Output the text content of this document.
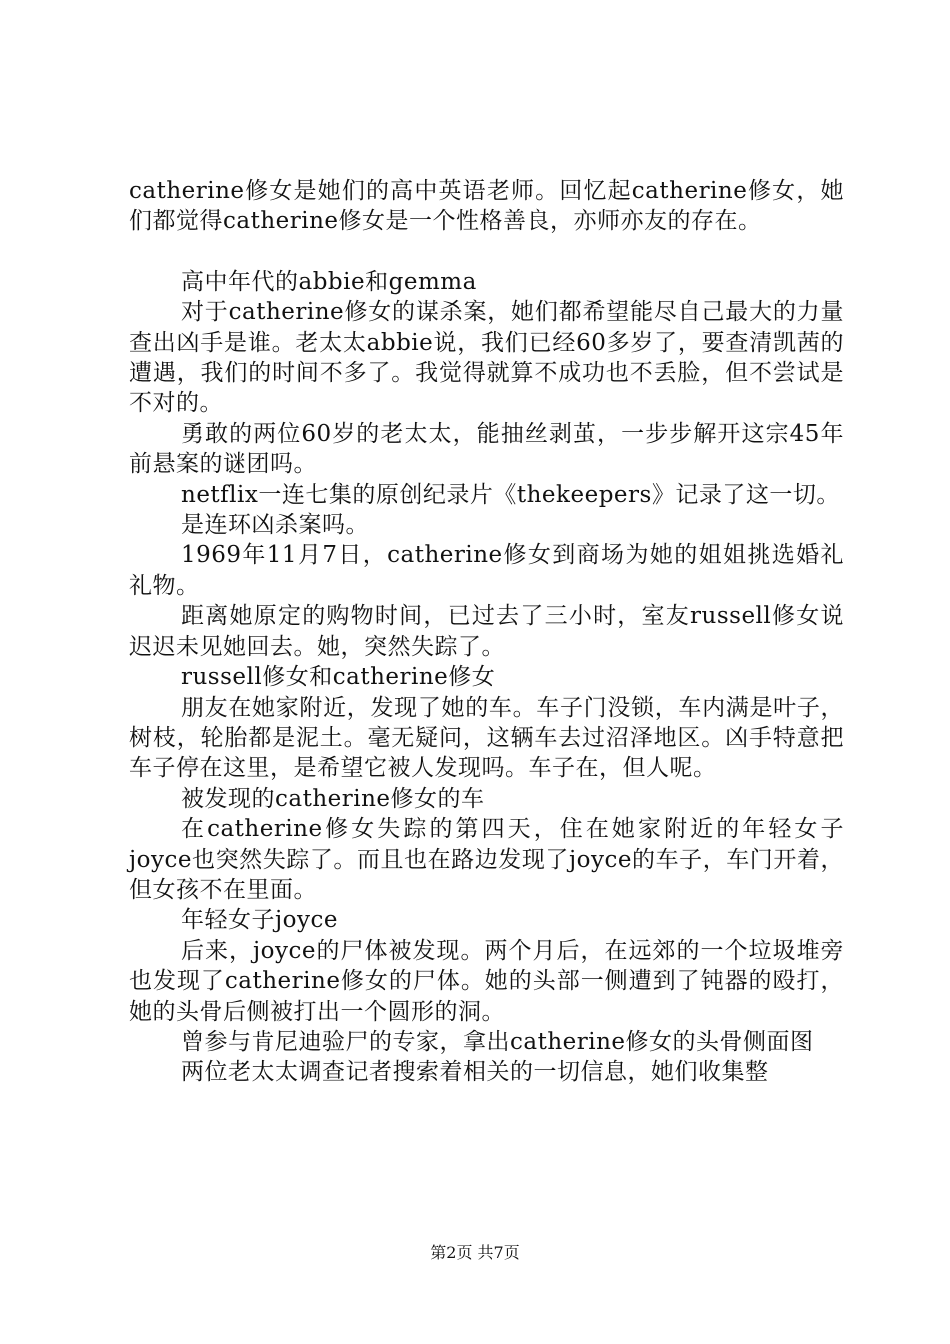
catherine修女是她们的高中英语老师。回忆起catherine修女，她们都觉得catherine修女是一个性格善良，亦师亦友的存在。

高中年代的abbie和gemma

对于catherine修女的谋杀案，她们都希望能尽自己最大的力量查出凶手是谁。老太太abbie说，我们已经60多岁了，要查清凯茜的遭遇，我们的时间不多了。我觉得就算不成功也不丢脸，但不尝试是不对的。

勇敢的两位60岁的老太太，能抽丝剥茧，一步步解开这宗45年前悬案的谜团吗。

netflix一连七集的原创纪录片《thekeepers》记录了这一切。

是连环凶杀案吗。

1969年11月7日，catherine修女到商场为她的姐姐挑选婚礼礼物。

距离她原定的购物时间，已过去了三小时，室友russell修女说迟迟未见她回去。她，突然失踪了。

russell修女和catherine修女

朋友在她家附近，发现了她的车。车子门没锁，车内满是叶子，树枝，轮胎都是泥土。毫无疑问，这辆车去过沼泽地区。凶手特意把车子停在这里，是希望它被人发现吗。车子在，但人呢。

被发现的catherine修女的车

在catherine修女失踪的第四天，住在她家附近的年轻女子joyce也突然失踪了。而且也在路边发现了joyce的车子，车门开着，但女孩不在里面。

年轻女子joyce

后来，joyce的尸体被发现。两个月后，在远郊的一个垃圾堆旁也发现了catherine修女的尸体。她的头部一侧遭到了钝器的殴打，她的头骨后侧被打出一个圆形的洞。

曾参与肯尼迪验尸的专家，拿出catherine修女的头骨侧面图

两位老太太调查记者搜索着相关的一切信息，她们收集整

第2页 共7页
